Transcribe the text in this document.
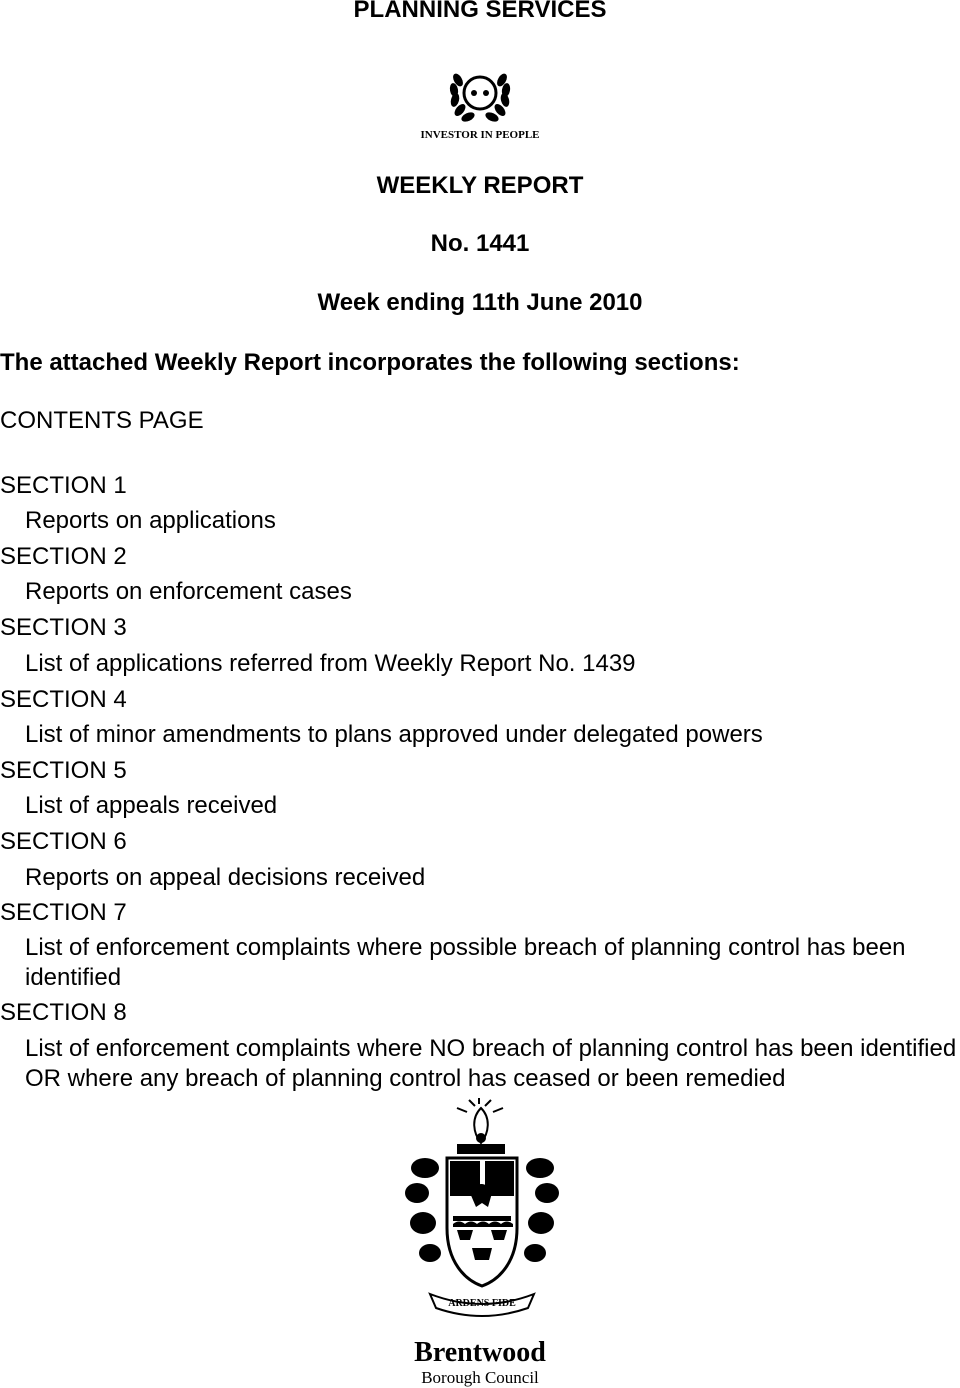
PLANNING SERVICES
INVESTOR IN PEOPLE
WEEKLY REPORT
No. 1441
Week ending 11th June 2010
The attached Weekly Report incorporates the following sections:
CONTENTS PAGE
SECTION 1
Reports on applications
SECTION 2
Reports on enforcement cases
SECTION 3
List of applications referred from Weekly Report No. 1439
SECTION 4
List of minor amendments to plans approved under delegated powers
SECTION 5
List of appeals received
SECTION 6
Reports on appeal decisions received
SECTION 7
List of enforcement complaints where possible breach of planning control has been identified
SECTION 8
List of enforcement complaints where NO breach of planning control has been identified OR where any breach of planning control has ceased or been remedied
ARDENS FIDE
Brentwood
Borough Council
